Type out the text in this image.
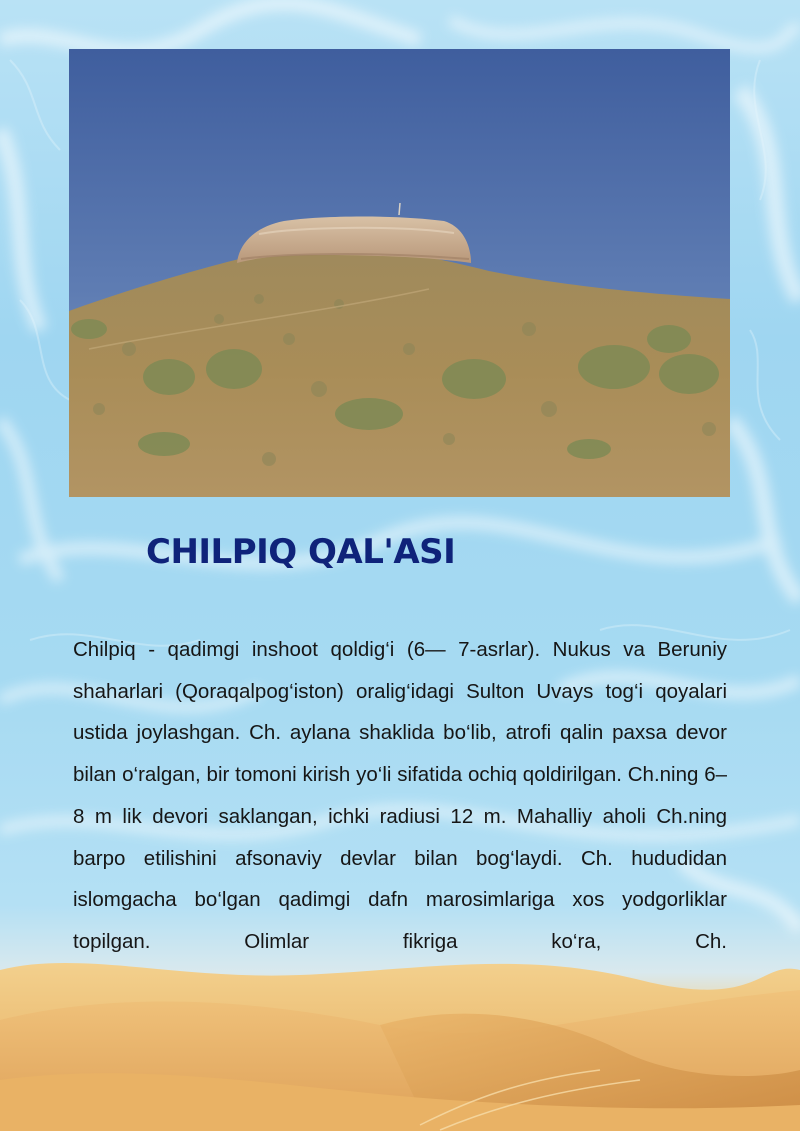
CHILPIQ QAL'ASI

Chilpiq - qadimgi inshoot qoldig‘i (6— 7-asrlar). Nukus va Beruniy shaharlari (Qoraqalpog‘iston) oralig‘idagi Sulton Uvays tog‘i qoyalari ustida joylashgan. Ch. aylana shaklida bo‘lib, atrofi qalin paxsa devor bilan o‘ralgan, bir tomoni kirish yo‘li sifatida ochiq qoldirilgan. Ch.ning 6–8 m lik devori saklangan, ichki radiusi 12 m. Mahalliy aholi Ch.ning barpo etilishini afsonaviy devlar bilan bog‘laydi. Ch. hududidan islomgacha bo‘lgan qadimgi dafn marosimlariga xos yodgorliklar topilgan. Olimlar fikriga ko‘ra, Ch.
